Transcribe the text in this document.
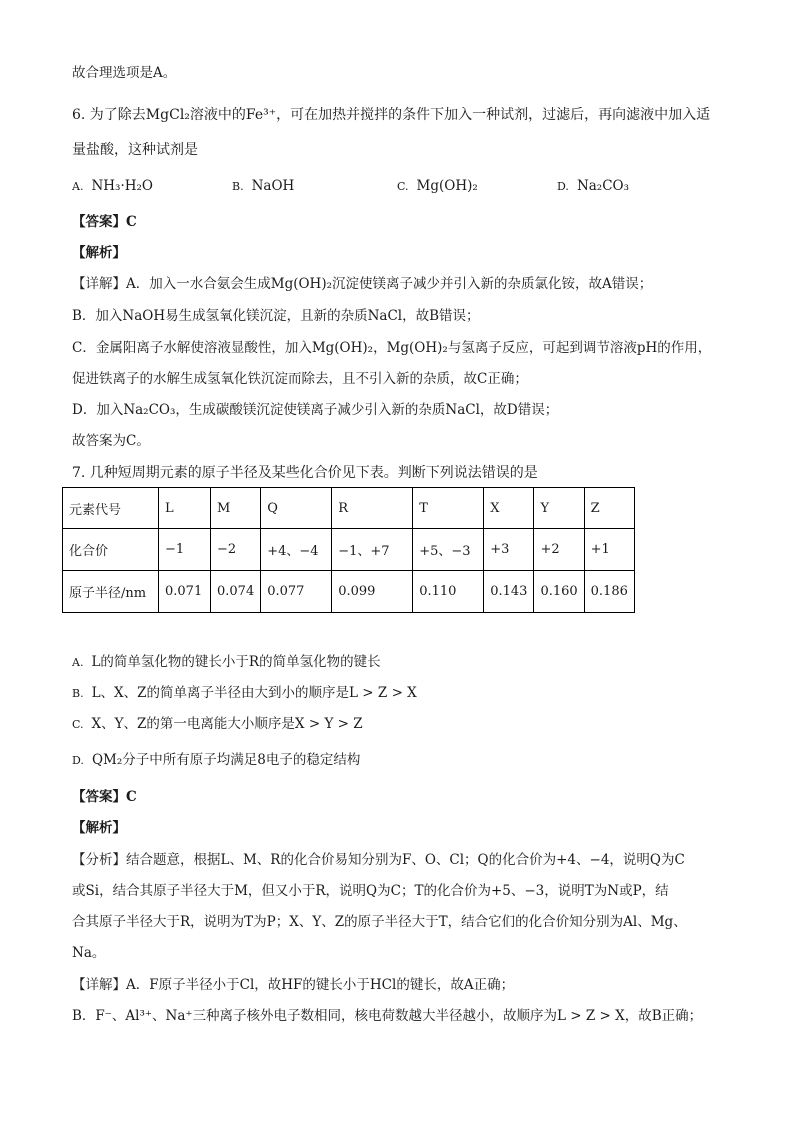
故合理选项是A。
6. 为了除去MgCl₂溶液中的Fe³⁺，可在加热并搅拌的条件下加入一种试剂，过滤后，再向滤液中加入适
量盐酸，这种试剂是
A. NH₃·H₂O	B. NaOH	C. Mg(OH)₂	D. Na₂CO₃
【答案】C
【解析】
【详解】A．加入一水合氨会生成Mg(OH)₂沉淀使镁离子减少并引入新的杂质氯化铵，故A错误；
B．加入NaOH易生成氢氧化镁沉淀，且新的杂质NaCl，故B错误；
C．金属阳离子水解使溶液显酸性，加入Mg(OH)₂，Mg(OH)₂与氢离子反应，可起到调节溶液pH的作用，
促进铁离子的水解生成氢氧化铁沉淀而除去，且不引入新的杂质，故C正确；
D．加入Na₂CO₃，生成碳酸镁沉淀使镁离子减少引入新的杂质NaCl，故D错误；
故答案为C。
7. 几种短周期元素的原子半径及某些化合价见下表。判断下列说法错误的是
元素代号	L	M	Q	R	T	X	Y	Z
化合价	−1	−2	+4、−4	−1、+7	+5、−3	+3	+2	+1
原子半径/nm	0.071	0.074	0.077	0.099	0.110	0.143	0.160	0.186
A. L的简单氢化物的键长小于R的简单氢化物的键长
B. L、X、Z的简单离子半径由大到小的顺序是L > Z > X
C. X、Y、Z的第一电离能大小顺序是X > Y > Z
D. QM₂分子中所有原子均满足8电子的稳定结构
【答案】C
【解析】
【分析】结合题意，根据L、M、R的化合价易知分别为F、O、Cl；Q的化合价为+4、−4，说明Q为C
或Si，结合其原子半径大于M，但又小于R，说明Q为C；T的化合价为+5、−3，说明T为N或P，结
合其原子半径大于R，说明为T为P；X、Y、Z的原子半径大于T，结合它们的化合价知分别为Al、Mg、
Na。
【详解】A．F原子半径小于Cl，故HF的键长小于HCl的键长，故A正确；
B．F⁻、Al³⁺、Na⁺三种离子核外电子数相同，核电荷数越大半径越小，故顺序为L > Z > X，故B正确；
